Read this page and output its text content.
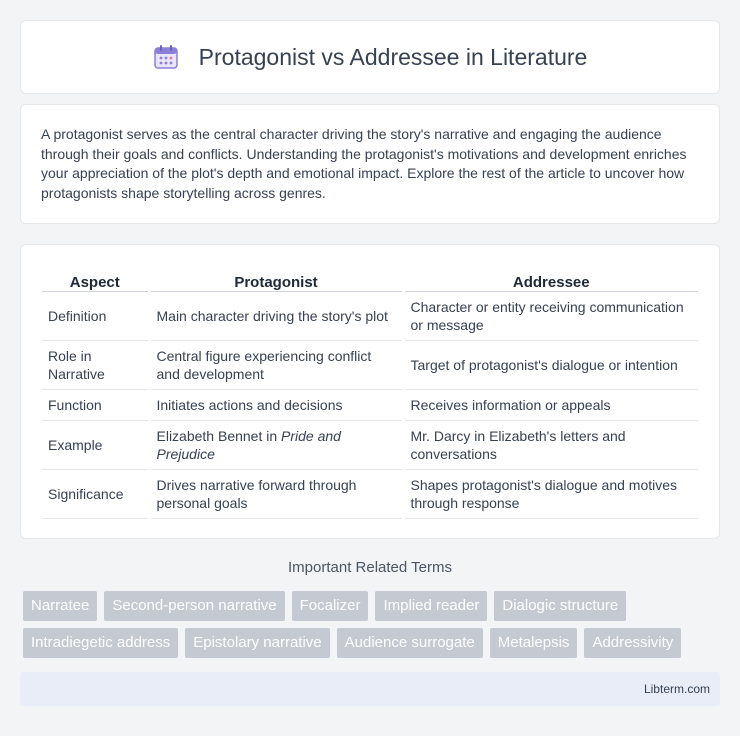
Protagonist vs Addressee in Literature

A protagonist serves as the central character driving the story's narrative and engaging the audience through their goals and conflicts. Understanding the protagonist's motivations and development enriches your appreciation of the plot's depth and emotional impact. Explore the rest of the article to uncover how protagonists shape storytelling across genres.

Aspect	Protagonist	Addressee
Definition	Main character driving the story's plot	Character or entity receiving communication or message
Role in Narrative	Central figure experiencing conflict and development	Target of protagonist's dialogue or intention
Function	Initiates actions and decisions	Receives information or appeals
Example	Elizabeth Bennet in Pride and Prejudice	Mr. Darcy in Elizabeth's letters and conversations
Significance	Drives narrative forward through personal goals	Shapes protagonist's dialogue and motives through response
Important Related Terms
Narratee	Second-person narrative	Focalizer	Implied reader	Dialogic structure
Intradiegetic address	Epistolary narrative	Audience surrogate	Metalepsis	Addressivity
Libterm.com
